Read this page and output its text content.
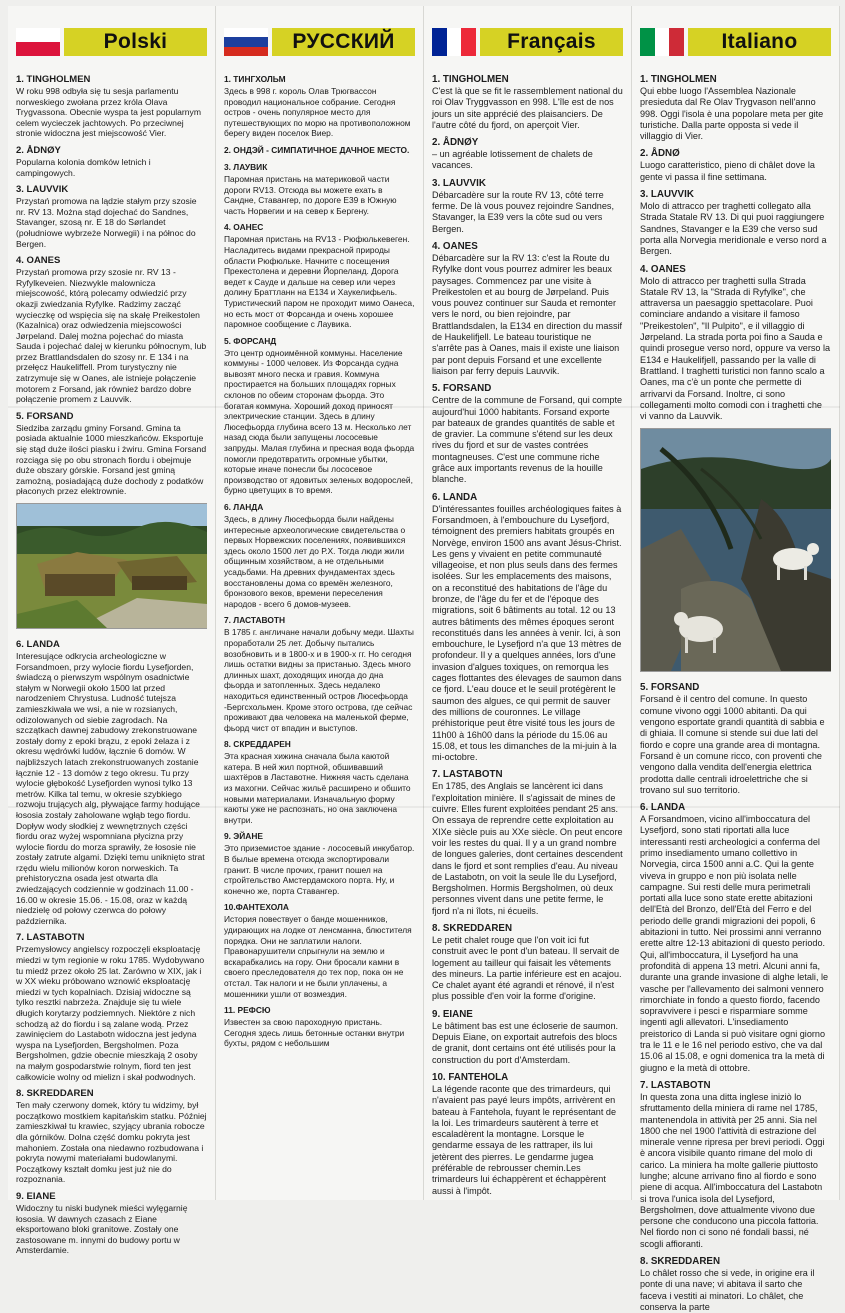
Polski
1. TINGHOLMEN

W roku 998 odbyła się tu sesja parlamentu norweskiego zwołana przez króla Olava Trygvassona. Obecnie wyspa ta jest popularnym celem wycieczek jachtowych. Po przeciwnej stronie widoczna jest miejscowość Vier.

2. ÅDNØY

Popularna kolonia domków letnich i campingowych.

3. LAUVVIK

Przystań promowa na lądzie stałym przy szosie nr. RV 13. Można stąd dojechać do Sandnes, Stavanger, szosą nr. E 18 do Sørlandet (południowe wybrzeże Norwegii) i na północ do Bergen.

4. OANES

Przystań promowa przy szosie nr. RV 13 - Ryfylkeveien. Niezwykle malownicza miejscowość, którą polecamy odwiedzić przy okazji zwiedzania Ryfylke. Radzimy zacząć wycieczkę od wspięcia się na skałę Preikestolen (Kazalnica) oraz odwiedzenia miejscowości Jørpeland. Dalej można pojechać do miasta Sauda i pojechać dalej w kierunku północnym, lub przez Brattlandsdalen do szosy nr. E 134 i na przełęcz Haukeliffell. Prom turystyczny nie zatrzymuje się w Oanes, ale istnieje połączenie motorem z Forsand, jak również bardzo dobre połączenie promem z Lauvvik.

5. FORSAND

Siedziba zarządu gminy Forsand. Gmina ta posiada aktualnie 1000 mieszkańców. Eksportuje się stąd duże ilości piasku i żwiru. Gmina Forsand rozciąga się po obu stronach fiordu i obejmuje duże obszary górskie. Forsand jest gminą zamożną, posiadającą duże dochody z podatków płaconych przez elektrownie.

6. LANDA

Interesujące odkrycia archeologiczne w Forsandmoen, przy wylocie fiordu Lysefjorden, świadczą o pierwszym wspólnym osadnictwie stałym w Norwegii około 1500 lat przed narodzeniem Chrystusa. Ludność tutejsza zamieszkiwała we wsi, a nie w rozsianych, odizolowanych od siebie zagrodach. Na szczątkach dawnej zabudowy zrekonstruowane zostały domy z epoki brązu, z epoki żelaza i z okresu wędrówki ludów, łącznie 6 domów. W najbliższych latach zrekonstruowanych zostanie łącznie 12 - 13 domów z tego okresu. Tu przy wylocie głębokość Lysefjorden wynosi tylko 13 metrów. Kilka tal temu, w okresie szybkiego rozwoju trujących alg, pływające farmy hodujące łososia zostały zaholowane wgłąb tego fiordu. Dopływ wody słodkiej z wewnętrznych części fiordu oraz wyżej wspomniana płycizna przy wylocie fiordu do morza sprawiły, że łososie nie zostały zatrute algami. Dzięki temu uniknięto strat rzędu wielu milionów koron norweskich. Ta prehistoryczna osada jest otwarta dla zwiedzających codziennie w godzinach 11.00 - 16.00 w okresie 15.06. - 15.08, oraz w każdą niedzielę od połowy czerwca do połowy października.

7. LASTABOTN

Przemysłowcy angielscy rozpoczęli eksploatację miedzi w tym regionie w roku 1785. Wydobywano tu miedź przez około 25 lat. Żarówno w XIX, jak i w XX wieku próbowano wznowić eksploatację miedzi w tych kopalniach. Dzisiaj widoczne są tylko resztki nabrzeża. Znajduje się tu wiele długich korytarzy podziemnych. Niektóre z nich schodzą aż do fiordu i są zalane wodą. Przez zawinięciem do Lastabotn widoczna jest jedyna wyspa na Lysefjorden, Bergsholmen. Poza Bergsholmen, gdzie obecnie mieszkają 2 osoby na małym gospodarstwie rolnym, fiord ten jest całkowicie wolny od mielizn i skał podwodnych.

8. SKREDDAREN

Ten mały czerwony domek, który tu widzimy, był początkowo mostkiem kapitańskim statku. Później zamieszkiwał tu krawiec, szyjący ubrania robocze dla górników. Dolna część domku pokryta jest mahoniem. Została ona niedawno rozbudowana i pokryta nowymi materiałami budowlanymi. Początkowy kształt domku jest już nie do rozpoznania.

9. EIANE

Widoczny tu niski budynek mieści wylęgarnię łososia. W dawnych czasach z Eiane eksportowano bloki granitowe. Zostały one zastosowane m. innymi do budowy portu w Amsterdamie.

РУССКИЙ
1. ТИНГХОЛЬМ

Здесь в 998 г. король Олав Трюгвассон проводил национальное собрание. Сегодня остров - очень популярное место для путешествующих по морю на противоположном берегу виден поселок Виер.

2. ОНДЭЙ - СИМПАТИЧНОЕ ДАЧНОЕ МЕСТО.

3. ЛАУВИК

Паромная пристань на материковой части дороги RV13. Отсюда вы можете ехать в Сандне, Ставангер, по дороге E39 в Южную часть Норвегии и на север к Бергену.

4. ОАНЕС

Паромная пристань на RV13 - Рюфюлькевеген. Насладитесь видами прекрасной природы области Рюфюльке. Начните с посещения Прекестолена и деревни Йорпеланд. Дорога ведет к Сауде и дальше на север или через долину Браттланн на E134 и Хаукелифьель. Туристический паром не проходит мимо Оанеса, но есть мост от Форсанда и очень хорошее паромное сообщение с Лаувика.

5. ФОРСАНД

Это центр одноимённой коммуны. Население коммуны - 1000 человек. Из Форсанда судна вывозят много песка и гравия. Коммуна простирается на больших площадях горных склонов по обеим сторонам фьорда. Это богатая коммуна. Хороший доход приносят электрические станции. Здесь в длину Люсефьорда глубина всего 13 м. Несколько лет назад сюда были запущены лососевые запруды. Малая глубина и пресная вода фьорда помогли предотвратить огромные убытки, которые иначе понесли бы лососевое производство от ядовитых зеленых водорослей, бурно цветущих в то время.

6. ЛАНДА

Здесь, в длину Люсефьорда были найдены интересные археологические свидетельства о первых Норвежских поселениях, появившихся здесь около 1500 лет до Р.Х. Тогда люди жили общинным хозяйством, а не отдельными усадьбами. На древних фундаментах здесь восстановлены дома со времён железного, бронзового веков, времени переселения народов - всего 6 домов-музеев.

7. ЛАСТАВОТН

В 1785 г. англичане начали добычу меди. Шахты проработали 25 лет. Добычу пытались возобновить и в 1800-х и в 1900-х гг. Но сегодня лишь остатки видны за пристанью. Здесь много длинных шахт, доходящих иногда до дна фьорда и затопленных. Здесь недалеко находиться единственный остров Люсефьорда -Бергсхольмен. Кроме этого острова, где сейчас проживают два человека на маленькой ферме, фьорд чист от впадин и выступов.

8. СКРЕДДАРЕН

Эта красная хижина сначала была каютой катера. В ней жил портной, обшивавший шахтёров в Ластавотне. Нижняя часть сделана из махогни. Сейчас жильё расширено и обшито новыми материалами. Изначальную форму каюты уже не распознать, но она заключена внутри.

9. ЭЙАНЕ

Это приземистое здание - лососевый инкубатор. В былые времена отсюда экспортировали гранит. В числе прочих, гранит пошел на стройтельство Амстердамского порта. Ну, и конечно же, порта Ставангер.

10.ФАНТЕХОЛА

История повествует о банде мошенников, удирающих на лодке от ленсманна, блюстителя порядка. Они не заплатили налоги. Правонарушители спрыгнули на землю и вскарабкались на гору. Они бросали камни в своего преследователя до тех пор, пока он не отстал. Так налоги и не были уплачены, а мошенники ушли от возмездия.

11. РЕФСЮ

Известен за свою пароходную пристань. Сегодня здесь лишь бетонные останки внутри бухты, рядом с небольшим

Français
1. TINGHOLMEN

C'est là que se fit le rassemblement national du roi Olav Tryggvasson en 998. L'île est de nos jours un site apprécié des plaisanciers. De l'autre côté du fjord, on aperçoit Vier.

2. ÅDNØY

– un agréable lotissement de chalets de vacances.

3. LAUVVIK

Débarcadère sur la route RV 13, côté terre ferme. De là vous pouvez rejoindre Sandnes, Stavanger, la E39 vers la côte sud ou vers Bergen.

4. OANES

Débarcadère sur la RV 13: c'est la Route du Ryfylke dont vous pourrez admirer les beaux paysages. Commencez par une visite à Preikestolen et au bourg de Jørpeland. Puis vous pouvez continuer sur Sauda et remonter vers le nord, ou bien rejoindre, par Brattlandsdalen, la E134 en direction du massif de Haukelifjell. Le bateau touristique ne s'arrête pas à Oanes, mais il existe une liaison par pont depuis Forsand et une excellente liaison par ferry depuis Lauvvik.

5. FORSAND

Centre de la commune de Forsand, qui compte aujourd'hui 1000 habitants. Forsand exporte par bateaux de grandes quantités de sable et de gravier. La commune s'étend sur les deux rives du fjord et sur de vastes contrées montagneuses. C'est une commune riche grâce aux importants revenus de la houille blanche.

6. LANDA

D'intéressantes fouilles archéologiques faites à Forsandmoen, à l'embouchure du Lysefjord, témoignent des premiers habitats groupés en Norvège, environ 1500 ans avant Jésus-Christ. Les gens y vivaient en petite communauté villageoise, et non plus seuls dans des fermes isolées. Sur les emplacements des maisons, on a reconstitué des habitations de l'âge du bronze, de l'âge du fer et de l'époque des migrations, soit 6 bâtiments au total. 12 ou 13 autres bâtiments des mêmes époques seront reconstitués dans les années à venir. Ici, à son embouchure, le Lysefjord n'a que 13 mètres de profondeur. Il y a quelques années, lors d'une invasion d'algues toxiques, on remorqua les cages flottantes des élevages de saumon dans ce fjord. L'eau douce et le seuil protégèrent le saumon des algues, ce qui permit de sauver des millions de couronnes. Le village préhistorique peut être visité tous les jours de 11h00 à 16h00 dans la période du 15.06 au 15.08, et tous les dimanches de la mi-juin à la mi-octobre.

7. LASTABOTN

En 1785, des Anglais se lancèrent ici dans l'exploitation minière. Il s'agissait de mines de cuivre. Elles furent exploitées pendant 25 ans. On essaya de reprendre cette exploitation au XIXe siècle puis au XXe siècle. On peut encore voir les restes du quai. Il y a un grand nombre de longues galeries, dont certaines descendent dans le fjord et sont remplies d'eau. Au niveau de Lastabotn, on voit la seule île du Lysefjord, Bergsholmen. Hormis Bergsholmen, où deux personnes vivent dans une petite ferme, le fjord n'a ni îlots, ni écueils.

8. SKREDDAREN

Le petit chalet rouge que l'on voit ici fut construit avec le pont d'un bateau. Il servait de logement au tailleur qui faisait les vêtements des mineurs. La partie inférieure est en acajou. Ce chalet ayant été agrandi et rénové, il n'est plus possible d'en voir la forme d'origine.

9. EIANE

Le bâtiment bas est une écloserie de saumon. Depuis Eiane, on exportait autrefois des blocs de granit, dont certains ont été utilisés pour la construction du port d'Amsterdam.

10. FANTEHOLA

La légende raconte que des trimardeurs, qui n'avaient pas payé leurs impôts, arrivèrent en bateau à Fantehola, fuyant le représentant de la loi. Les trimardeurs sautèrent à terre et escaladèrent la montagne. Lorsque le gendarme essaya de les rattraper, ils lui jetèrent des pierres. Le gendarme jugea préférable de rebrousser chemin.Les trimardeurs lui échappèrent et échappèrent aussi à l'impôt.

Italiano
1. TINGHOLMEN

Qui ebbe luogo l'Assemblea Nazionale presieduta dal Re Olav Trygvason nell'anno 998. Oggi l'isola è una popolare meta per gite turistiche. Dalla parte opposta si vede il villaggio di Vier.

2. ÅDNØ

Luogo caratteristico, pieno di châlet dove la gente vi passa il fine settimana.

3. LAUVVIK

Molo di attracco per traghetti collegato alla Strada Statale RV 13. Di qui puoi raggiungere Sandnes, Stavanger e la E39 che verso sud porta alla Norvegia meridionale e verso nord a Bergen.

4. OANES

Molo di attracco per traghetti sulla Strada Statale RV 13, la "Strada di Ryfylke", che attraversa un paesaggio spettacolare. Puoi cominciare andando a visitare il famoso "Preikestolen", "Il Pulpito", e il villaggio di Jørpeland. La strada porta poi fino a Sauda e quindi prosegue verso nord, oppure va verso la E134 e Haukelifjell, passando per la valle di Brattland. I traghetti turistici non fanno scalo a Oanes, ma c'è un ponte che permette di arrivarvi da Forsand. Inoltre, ci sono collegamenti molto comodi con i traghetti che vi vanno da Lauvvik.

5. FORSAND

Forsand è il centro del comune. In questo comune vivono oggi 1000 abitanti. Da qui vengono esportate grandi quantità di sabbia e di ghiaia. Il comune si stende sui due lati del fiordo e copre una grande area di montagna. Forsand è un comune ricco, con proventi che vengono dalla vendita dell'energia elettrica prodotta dalle centrali idroelettriche che si trovano sul suo territorio.

6. LANDA

A Forsandmoen, vicino all'imboccatura del Lysefjord, sono stati riportati alla luce interessanti resti archeologici a conferma del primo insediamento umano collettivo in Norvegia, circa 1500 anni a.C. Qui la gente viveva in gruppo e non più isolata nelle campagne. Sui resti delle mura perimetrali portati alla luce sono state erette abitazioni dell'Età del Bronzo, dell'Età del Ferro e del periodo delle grandi migrazioni dei popoli, 6 abitazioni in tutto. Nei prossimi anni verranno erette altre 12-13 abitazioni di questo periodo. Qui, all'imboccatura, il Lysefjord ha una profondità di appena 13 metri. Alcuni anni fa, durante una grande invasione di alghe letali, le vasche per l'allevamento dei salmoni vennero rimorchiate in fondo a questo fiordo, facendo sopravvivere i pesci e risparmiare somme ingenti agli allevatori. L'insediamento preistorico di Landa si può visitare ogni giorno tra le 11 e le 16 nel periodo estivo, che va dal 15.06 al 15.08, e ogni domenica tra la metà di giugno e la metà di ottobre.

7. LASTABOTN

In questa zona una ditta inglese iniziò lo sfruttamento della miniera di rame nel 1785, mantenendola in attività per 25 anni. Sia nel 1800 che nel 1900 l'attività di estrazione del minerale venne ripresa per brevi periodi. Oggi è ancora visibile quanto rimane del molo di carico. La miniera ha molte gallerie piuttosto lunghe; alcune arrivano fino al fiordo e sono piene di acqua. All'imboccatura del Lastabotn si trova l'unica isola del Lysefjord, Bergsholmen, dove attualmente vivono due persone che conducono una piccola fattoria. Nel fiordo non ci sono né fondali bassi, né scogli affioranti.

8. SKREDDAREN

Lo châlet rosso che si vede, in origine era il ponte di una nave; vi abitava il sarto che faceva i vestiti ai minatori. Lo châlet, che conserva la parte
